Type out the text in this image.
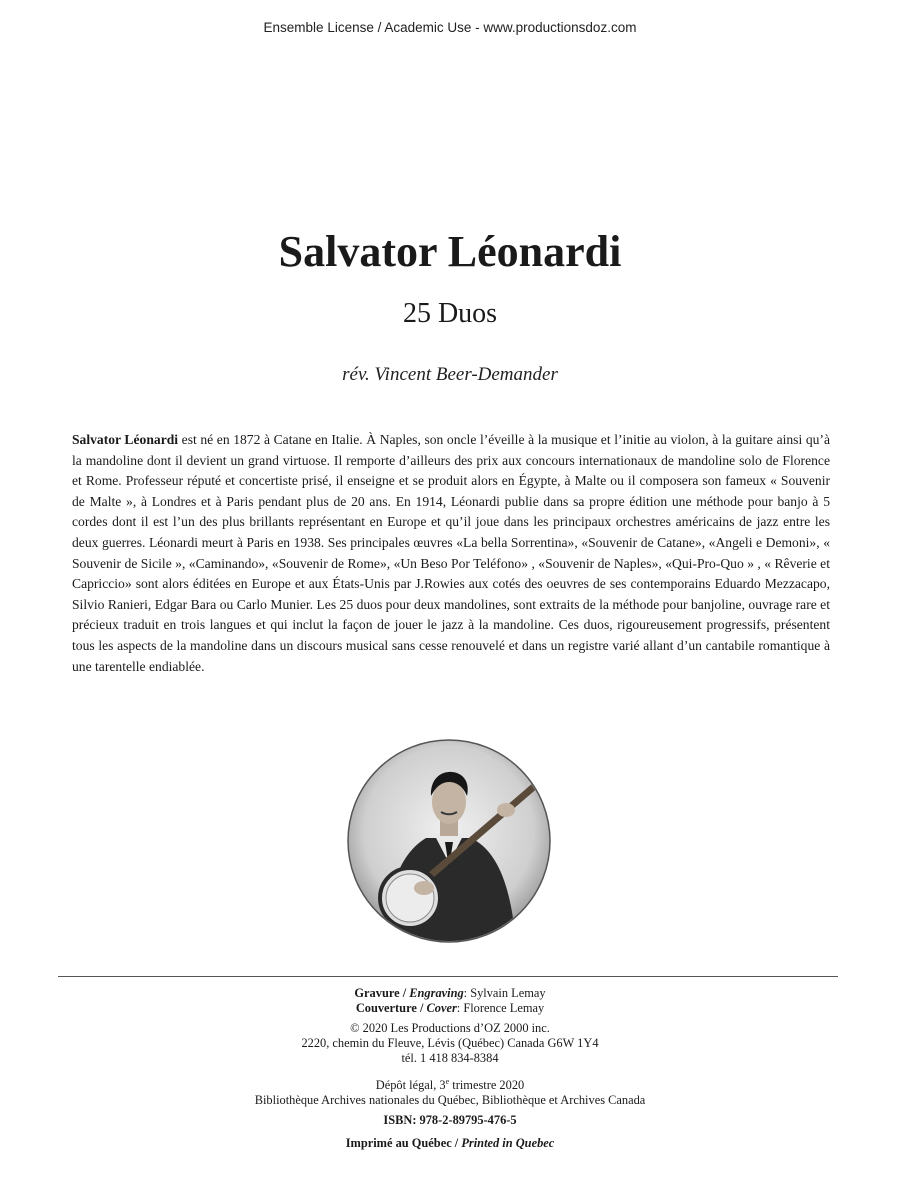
Ensemble License / Academic Use - www.productionsdoz.com
Salvator Léonardi
25 Duos
rév. Vincent Beer-Demander

Salvator Léonardi est né en 1872 à Catane en Italie. À Naples, son oncle l’éveille à la musique et l’initie au violon, à la guitare ainsi qu’à la mandoline dont il devient un grand virtuose. Il remporte d’ailleurs des prix aux concours internationaux de mandoline solo de Florence et Rome. Professeur réputé et concertiste prisé, il enseigne et se produit alors en Égypte, à Malte ou il composera son fameux « Souvenir de Malte », à Londres et à Paris pendant plus de 20 ans. En 1914, Léonardi publie dans sa propre édition une méthode pour banjo à 5 cordes dont il est l’un des plus brillants représentant en Europe et qu’il joue dans les principaux orchestres américains de jazz entre les deux guerres. Léonardi meurt à Paris en 1938. Ses principales œuvres «La bella Sorrentina», «Souvenir de Catane», «Angeli e Demoni», « Souvenir de Sicile », «Caminando», «Souvenir de Rome», «Un Beso Por Teléfono» , «Souvenir de Naples», «Qui-Pro-Quo » , « Rêverie et Capriccio» sont alors éditées en Europe et aux États-Unis par J.Rowies aux cotés des oeuvres de ses contemporains Eduardo Mezzacapo, Silvio Ranieri, Edgar Bara ou Carlo Munier. Les 25 duos pour deux mandolines, sont extraits de la méthode pour banjoline, ouvrage rare et précieux traduit en trois langues et qui inclut la façon de jouer le jazz à la mandoline. Ces duos, rigoureusement progressifs, présentent tous les aspects de la mandoline dans un discours musical sans cesse renouvelé et dans un registre varié allant d’un cantabile romantique à une tarentelle endiablée.

Gravure / Engraving: Sylvain Lemay
Couverture / Cover: Florence Lemay
© 2020 Les Productions d’OZ 2000 inc.
2220, chemin du Fleuve, Lévis (Québec) Canada G6W 1Y4
tél. 1 418 834-8384
Dépôt légal, 3e trimestre 2020
Bibliothèque Archives nationales du Québec, Bibliothèque et Archives Canada
ISBN: 978-2-89795-476-5
Imprimé au Québec / Printed in Quebec
